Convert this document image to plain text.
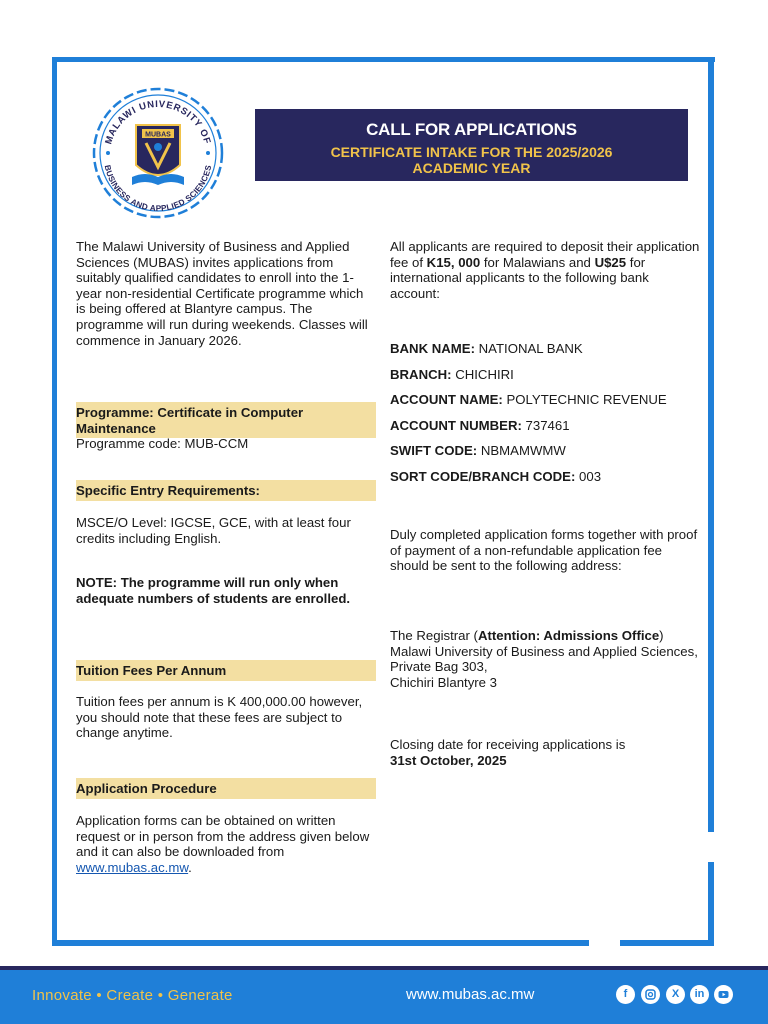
MALAWI UNIVERSITY OF
BUSINESS AND APPLIED SCIENCES
MUBAS	CALL FOR APPLICATIONS
CERTIFICATE INTAKE FOR THE 2025/2026 ACADEMIC YEAR

The Malawi University of Business and Applied Sciences (MUBAS) invites applications from suitably qualified candidates to enroll into the 1-year non-residential Certificate programme which is being offered at Blantyre campus. The programme will run during weekends. Classes will commence in January 2026.

Programme: Certificate in Computer Maintenance
Programme code: MUB-CCM
Specific Entry Requirements:
MSCE/O Level: IGCSE, GCE, with at least four credits including English.
NOTE: The programme will run only when adequate numbers of students are enrolled.
Tuition Fees Per Annum
Tuition fees per annum is K 400,000.00 however, you should note that these fees are subject to change anytime.
Application Procedure
Application forms can be obtained on written request or in person from the address given below and it can also be downloaded from www.mubas.ac.mw.
All applicants are required to deposit their application fee of K15, 000 for Malawians and U$25 for international applicants to the following bank account:
BANK NAME: NATIONAL BANK
BRANCH: CHICHIRI
ACCOUNT NAME: POLYTECHNIC REVENUE
ACCOUNT NUMBER: 737461
SWIFT CODE: NBMAMWMW
SORT CODE/BRANCH CODE: 003
Duly completed application forms together with proof of payment of a non-refundable application fee should be sent to the following address:
The Registrar (Attention: Admissions Office)
Malawi University of Business and Applied Sciences,
Private Bag 303,
Chichiri Blantyre 3
Closing date for receiving applications is
31st October, 2025
Innovate • Create • Generate	www.mubas.ac.mw	f	X	in
